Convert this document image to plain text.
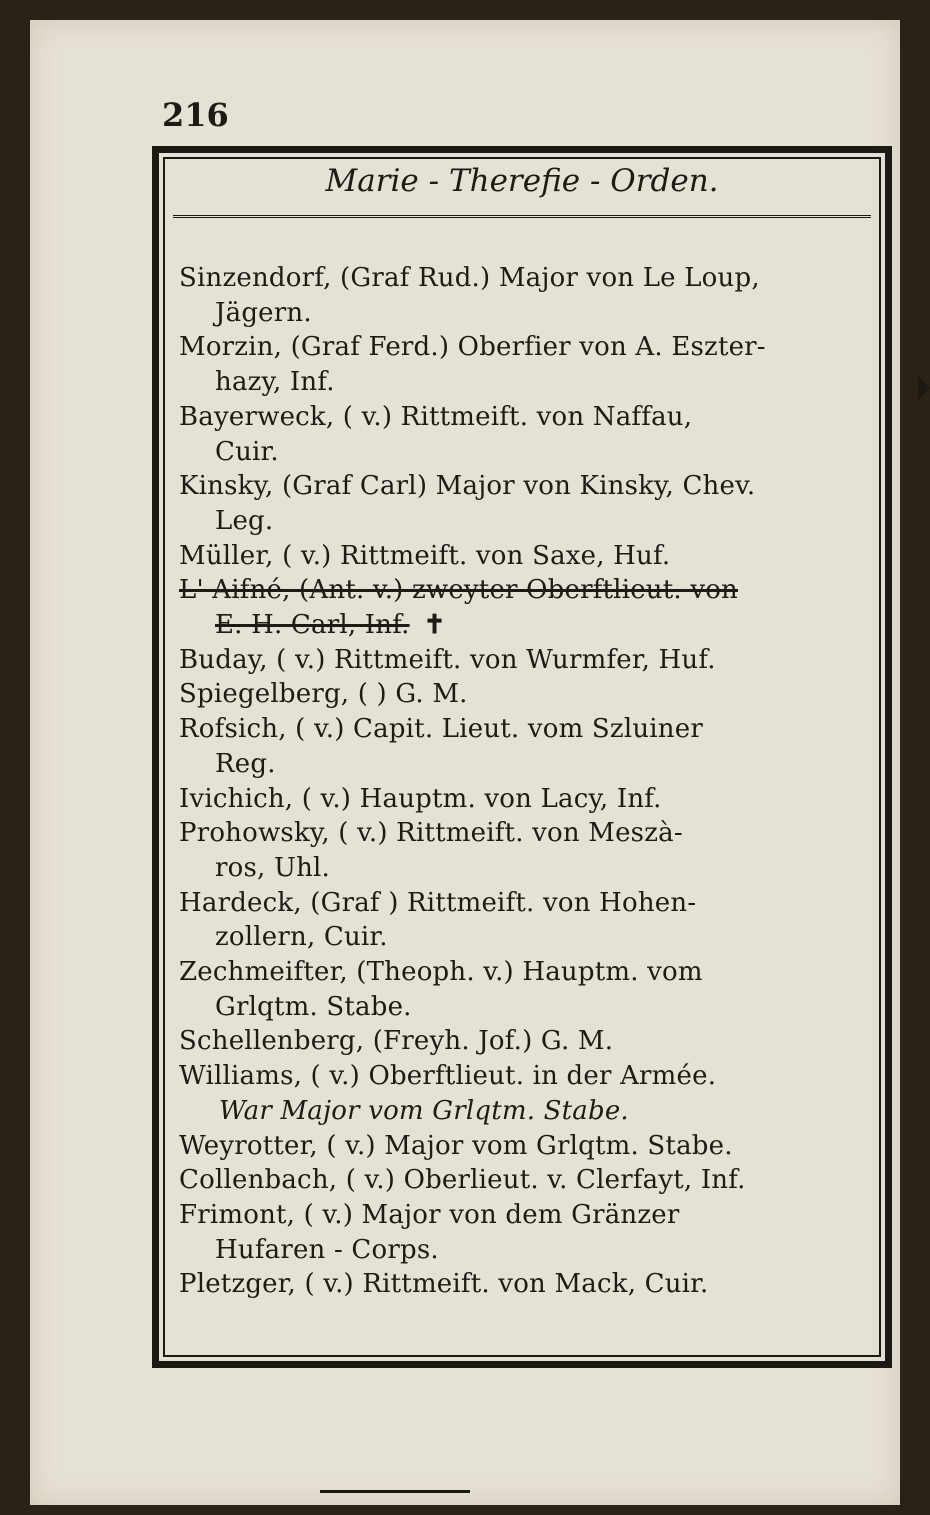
216
Marie - Therefie - Orden.
Sinzendorf, (Graf Rud.) Major von Le Loup,
Jägern.
Morzin, (Graf Ferd.) Oberfier von A. Eszter-
hazy, Inf.
Bayerweck, ( v.) Rittmeift. von Naffau,
Cuir.
Kinsky, (Graf Carl) Major von Kinsky, Chev.
Leg.
Müller, ( v.) Rittmeift. von Saxe, Huf.
L' Aifné, (Ant. v.) zweyter Oberftlieut. von
E. H. Carl, Inf. ✝
Buday, ( v.) Rittmeift. von Wurmfer, Huf.
Spiegelberg, ( ) G. M.
Rofsich, ( v.) Capit. Lieut. vom Szluiner
Reg.
Ivichich, ( v.) Hauptm. von Lacy, Inf.
Prohowsky, ( v.) Rittmeift. von Meszà-
ros, Uhl.
Hardeck, (Graf ) Rittmeift. von Hohen-
zollern, Cuir.
Zechmeifter, (Theoph. v.) Hauptm. vom
Grlqtm. Stabe.
Schellenberg, (Freyh. Jof.) G. M.
Williams, ( v.) Oberftlieut. in der Armée.
War Major vom Grlqtm. Stabe.
Weyrotter, ( v.) Major vom Grlqtm. Stabe.
Collenbach, ( v.) Oberlieut. v. Clerfayt, Inf.
Frimont, ( v.) Major von dem Gränzer
Hufaren - Corps.
Pletzger, ( v.) Rittmeift. von Mack, Cuir.
